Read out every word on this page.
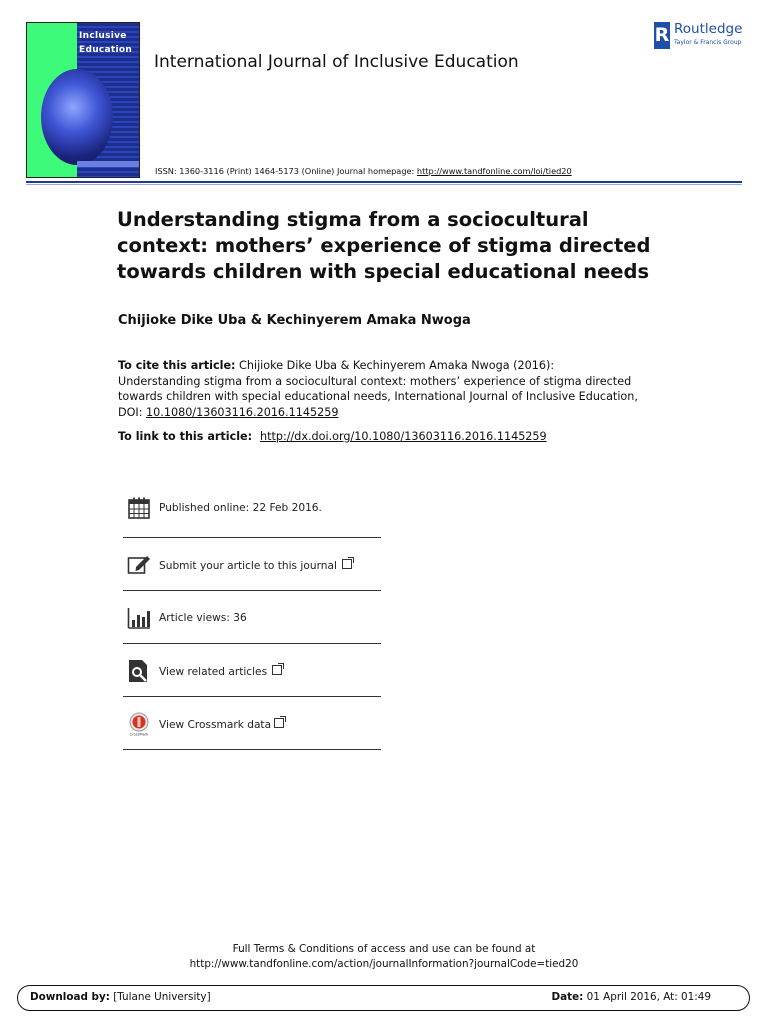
Inclusive
Education
International Journal of Inclusive Education
ISSN: 1360-3116 (Print) 1464-5173 (Online) Journal homepage: http://www.tandfonline.com/loi/tied20
R Routledge
Taylor & Francis Group
Understanding stigma from a sociocultural context: mothers’ experience of stigma directed towards children with special educational needs
Chijioke Dike Uba & Kechinyerem Amaka Nwoga
To cite this article: Chijioke Dike Uba & Kechinyerem Amaka Nwoga (2016): Understanding stigma from a sociocultural context: mothers’ experience of stigma directed towards children with special educational needs, International Journal of Inclusive Education, DOI: 10.1080/13603116.2016.1145259
To link to this article: http://dx.doi.org/10.1080/13603116.2016.1145259
Published online: 22 Feb 2016.
Submit your article to this journal
Article views: 36
View related articles
CrossMark
View Crossmark data
Full Terms & Conditions of access and use can be found at
http://www.tandfonline.com/action/journalInformation?journalCode=tied20
Download by: [Tulane University]	Date: 01 April 2016, At: 01:49
